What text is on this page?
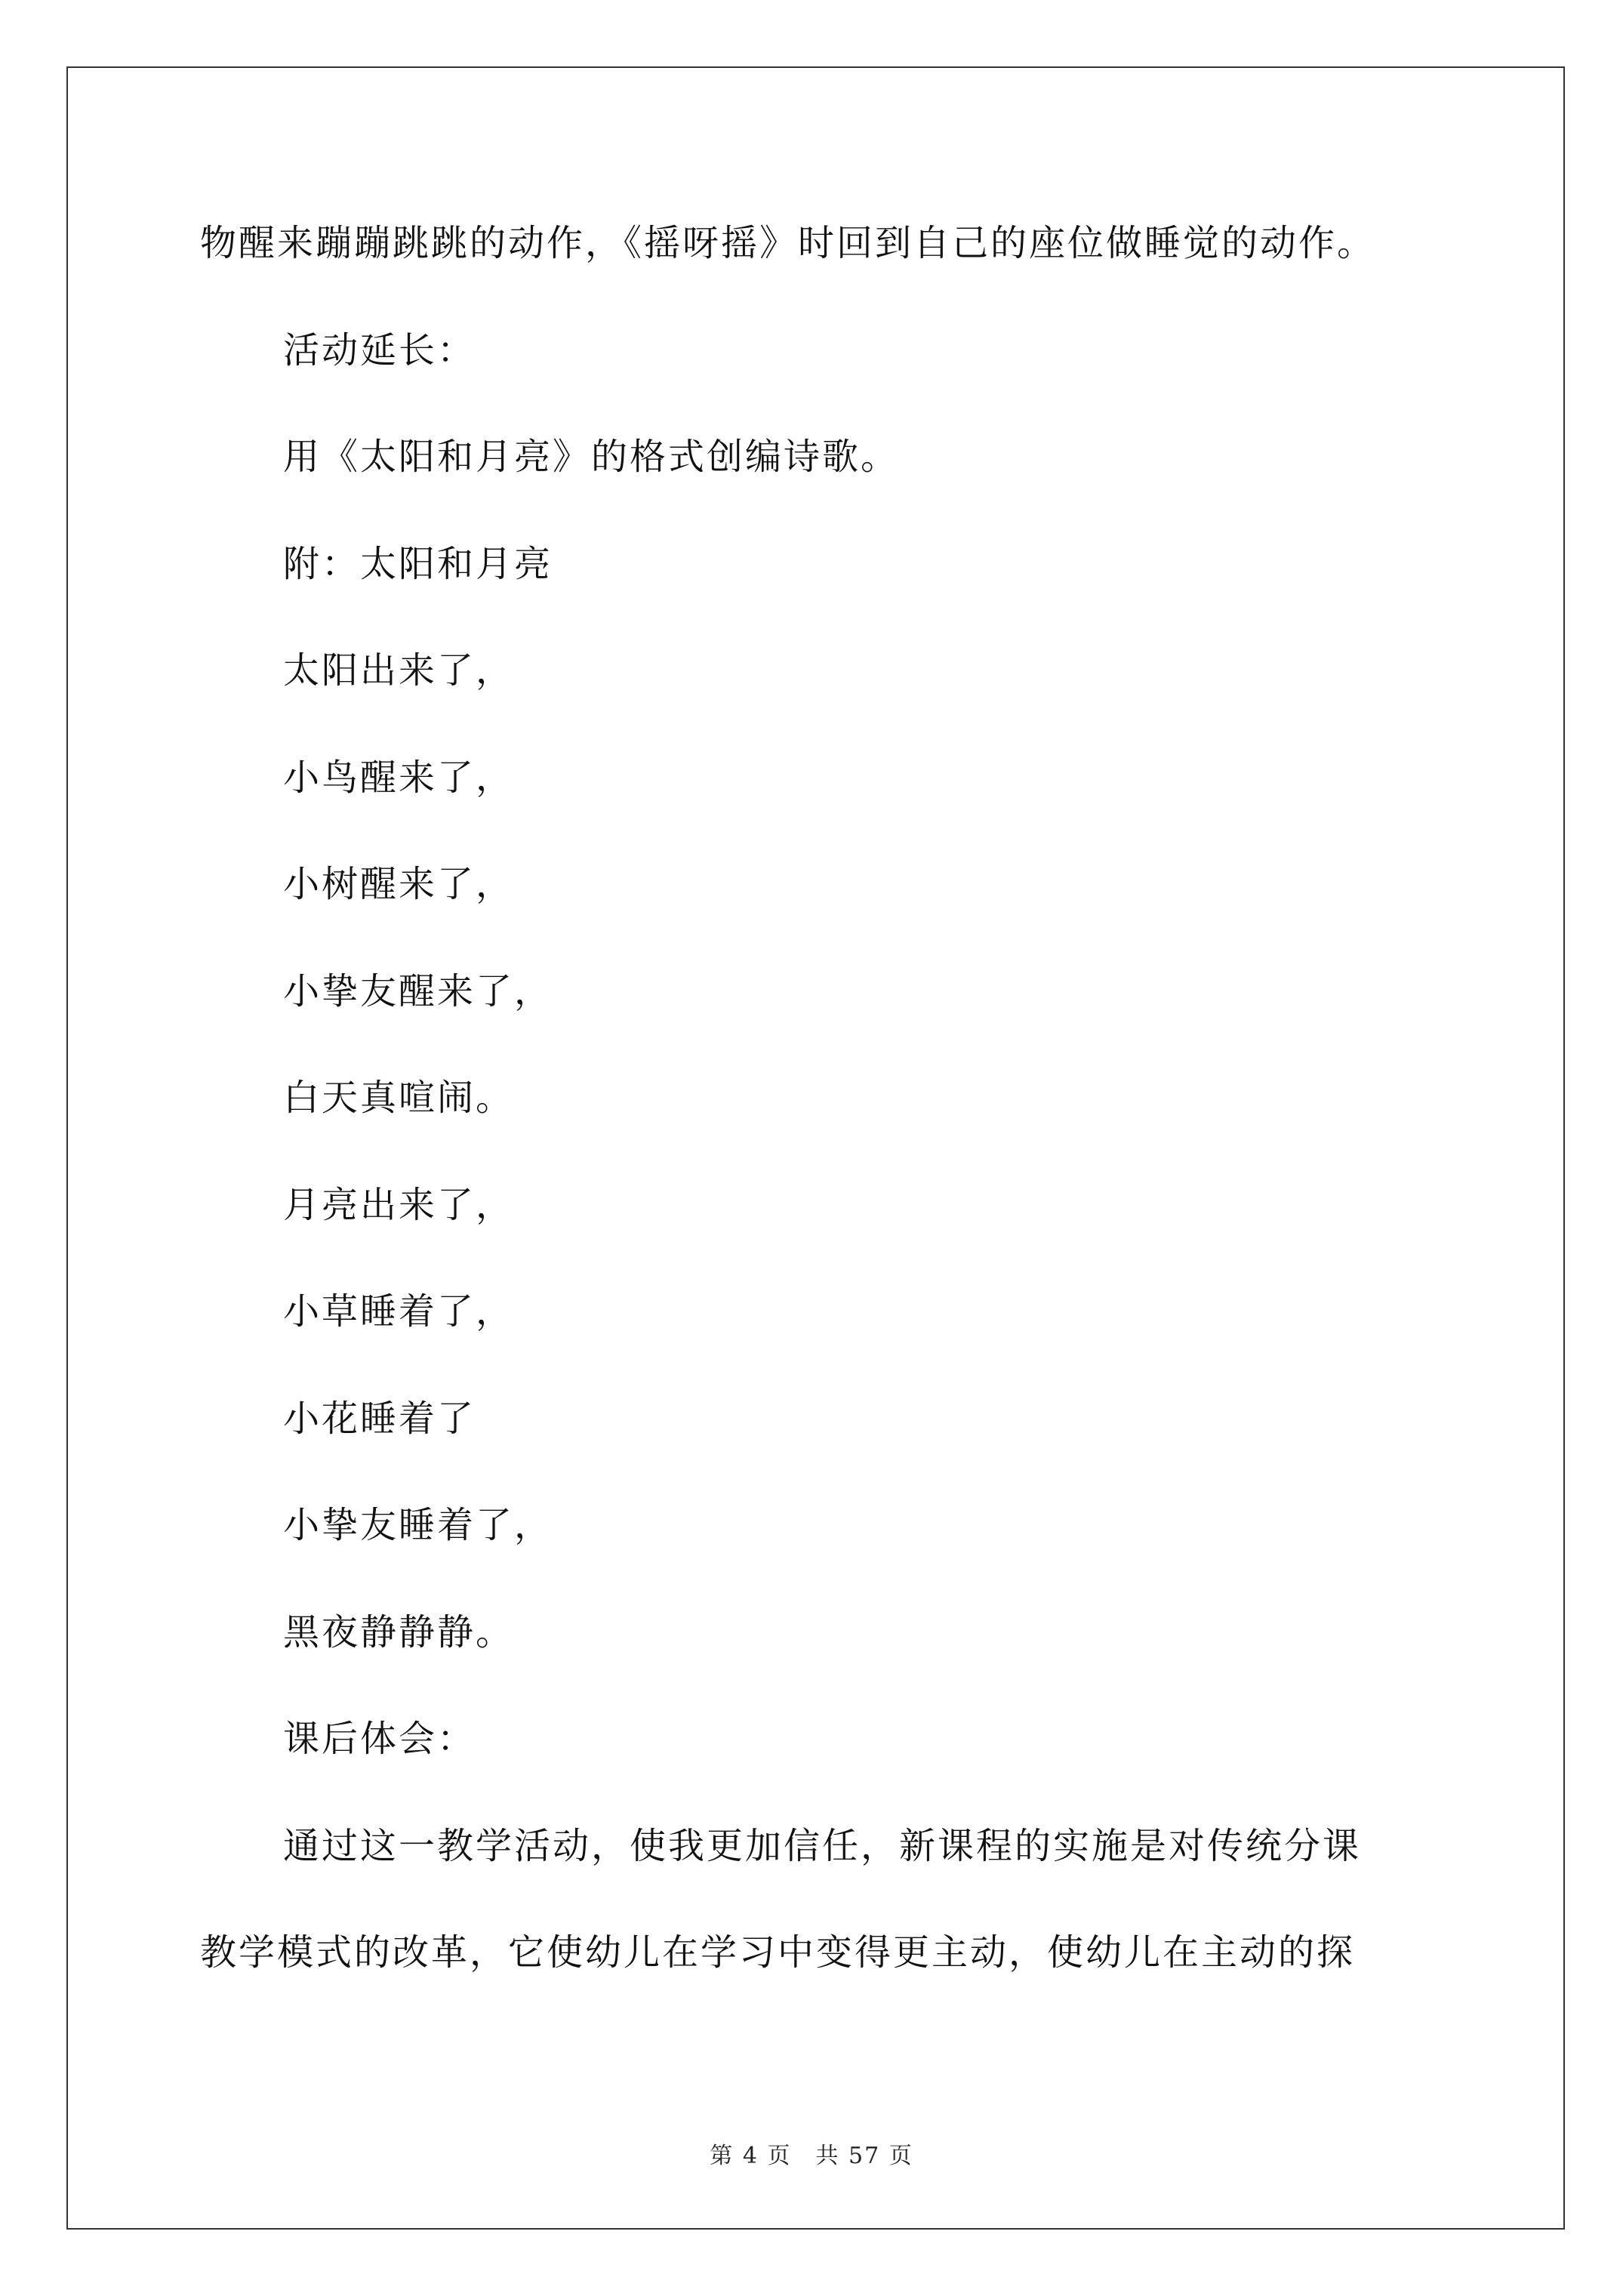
物醒来蹦蹦跳跳的动作，《摇呀摇》时回到自己的座位做睡觉的动作。
活动延长：
用《太阳和月亮》的格式创编诗歌。
附：太阳和月亮
太阳出来了，
小鸟醒来了，
小树醒来了，
小挚友醒来了，
白天真喧闹。
月亮出来了，
小草睡着了，
小花睡着了
小挚友睡着了，
黑夜静静静。
课后体会：
通过这一教学活动，使我更加信任，新课程的实施是对传统分课
教学模式的改革，它使幼儿在学习中变得更主动，使幼儿在主动的探
第 4 页　共 57 页
